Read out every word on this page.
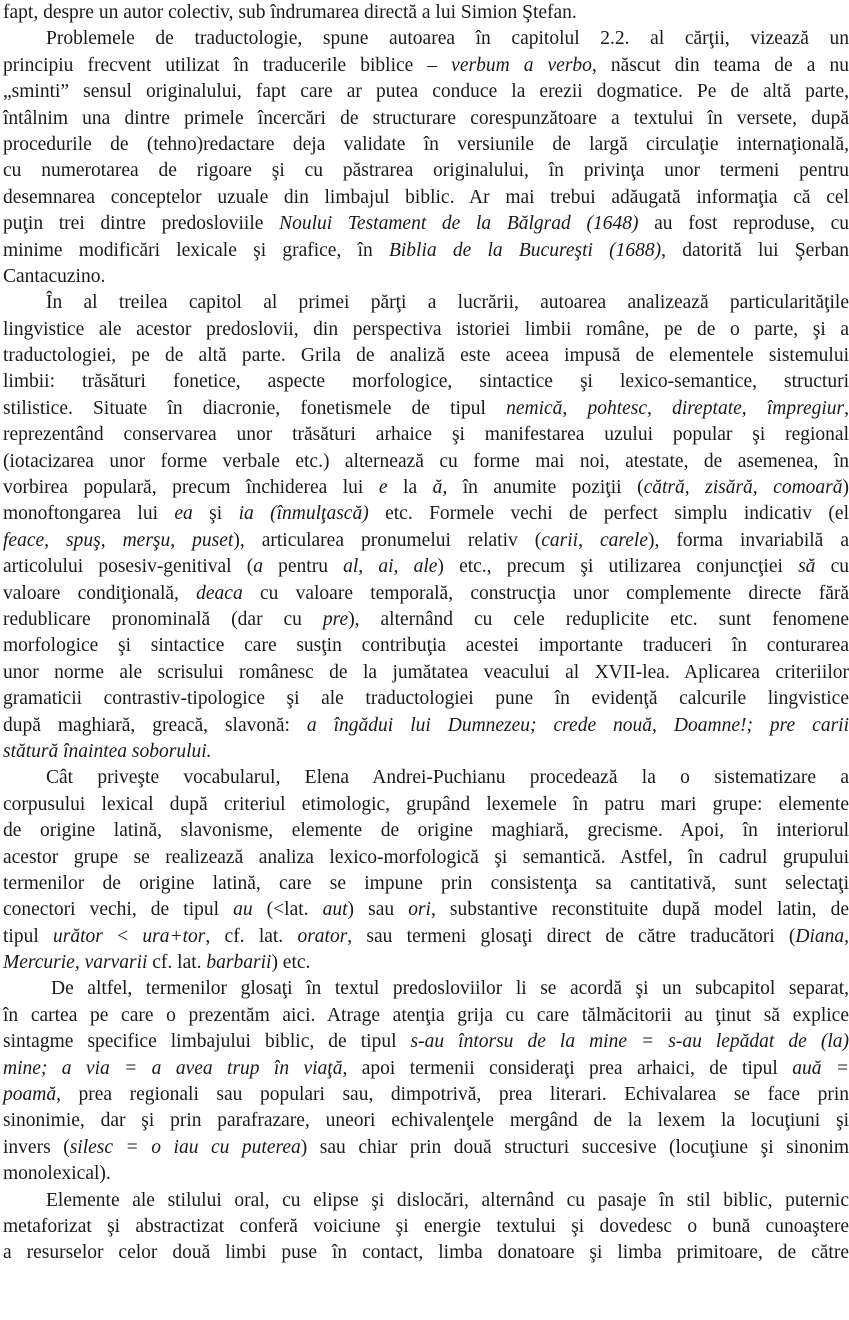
fapt, despre un autor colectiv, sub îndrumarea directă a lui Simion Ştefan.
Problemele de traductologie, spune autoarea în capitolul 2.2. al cărţii, vizează un
principiu frecvent utilizat în traducerile biblice – verbum a verbo, născut din teama de a nu
„sminti” sensul originalului, fapt care ar putea conduce la erezii dogmatice. Pe de altă parte,
întâlnim una dintre primele încercări de structurare corespunzătoare a textului în versete, după
procedurile de (tehno)redactare deja validate în versiunile de largă circulaţie internaţională,
cu numerotarea de rigoare şi cu păstrarea originalului, în privinţa unor termeni pentru
desemnarea conceptelor uzuale din limbajul biblic. Ar mai trebui adăugată informaţia că cel
puţin trei dintre predosloviile Noului Testament de la Bălgrad (1648) au fost reproduse, cu
minime modificări lexicale şi grafice, în Biblia de la Bucureşti (1688), datorită lui Şerban
Cantacuzino.
În al treilea capitol al primei părţi a lucrării, autoarea analizează particularităţile
lingvistice ale acestor predoslovii, din perspectiva istoriei limbii române, pe de o parte, şi a
traductologiei, pe de altă parte. Grila de analiză este aceea impusă de elementele sistemului
limbii: trăsături fonetice, aspecte morfologice, sintactice şi lexico-semantice, structuri
stilistice. Situate în diacronie, fonetismele de tipul nemică, pohtesc, direptate, împregiur,
reprezentând conservarea unor trăsături arhaice şi manifestarea uzului popular şi regional
(iotacizarea unor forme verbale etc.) alternează cu forme mai noi, atestate, de asemenea, în
vorbirea populară, precum închiderea lui e la ă, în anumite poziţii (cătră, zisără, comoară)
monoftongarea lui ea şi ia (înmulţască) etc. Formele vechi de perfect simplu indicativ (el
feace, spuş, merşu, puset), articularea pronumelui relativ (carii, carele), forma invariabilă a
articolului posesiv-genitival (a pentru al, ai, ale) etc., precum şi utilizarea conjuncţiei să cu
valoare condiţională, deaca cu valoare temporală, construcţia unor complemente directe fără
redublicare pronominală (dar cu pre), alternând cu cele reduplicite etc. sunt fenomene
morfologice şi sintactice care susţin contribuţia acestei importante traduceri în conturarea
unor norme ale scrisului românesc de la jumătatea veacului al XVII-lea. Aplicarea criteriilor
gramaticii contrastiv-tipologice şi ale traductologiei pune în evidenţă calcurile lingvistice
după maghiară, greacă, slavonă: a îngădui lui Dumnezeu; crede nouă, Doamne!; pre carii
stătură înaintea soborului.
Cât priveşte vocabularul, Elena Andrei-Puchianu procedează la o sistematizare a
corpusului lexical după criteriul etimologic, grupând lexemele în patru mari grupe: elemente
de origine latină, slavonisme, elemente de origine maghiară, grecisme. Apoi, în interiorul
acestor grupe se realizează analiza lexico-morfologică şi semantică. Astfel, în cadrul grupului
termenilor de origine latină, care se impune prin consistenţa sa cantitativă, sunt selectaţi
conectori vechi, de tipul au (<lat. aut) sau ori, substantive reconstituite după model latin, de
tipul urător < ura+tor, cf. lat. orator, sau termeni glosaţi direct de către traducători (Diana,
Mercurie, varvarii cf. lat. barbarii) etc.
De altfel, termenilor glosaţi în textul predosloviilor li se acordă şi un subcapitol separat,
în cartea pe care o prezentăm aici. Atrage atenţia grija cu care tălmăcitorii au ţinut să explice
sintagme specifice limbajului biblic, de tipul s-au întorsu de la mine = s-au lepădat de (la)
mine; a via = a avea trup în viaţă, apoi termenii consideraţi prea arhaici, de tipul auă =
poamă, prea regionali sau populari sau, dimpotrivă, prea literari. Echivalarea se face prin
sinonimie, dar şi prin parafrazare, uneori echivalenţele mergând de la lexem la locuţiuni şi
invers (silesc = o iau cu puterea) sau chiar prin două structuri succesive (locuţiune şi sinonim
monolexical).
Elemente ale stilului oral, cu elipse şi dislocări, alternând cu pasaje în stil biblic, puternic
metaforizat şi abstractizat conferă voiciune şi energie textului şi dovedesc o bună cunoaştere
a resurselor celor două limbi puse în contact, limba donatoare şi limba primitoare, de către
